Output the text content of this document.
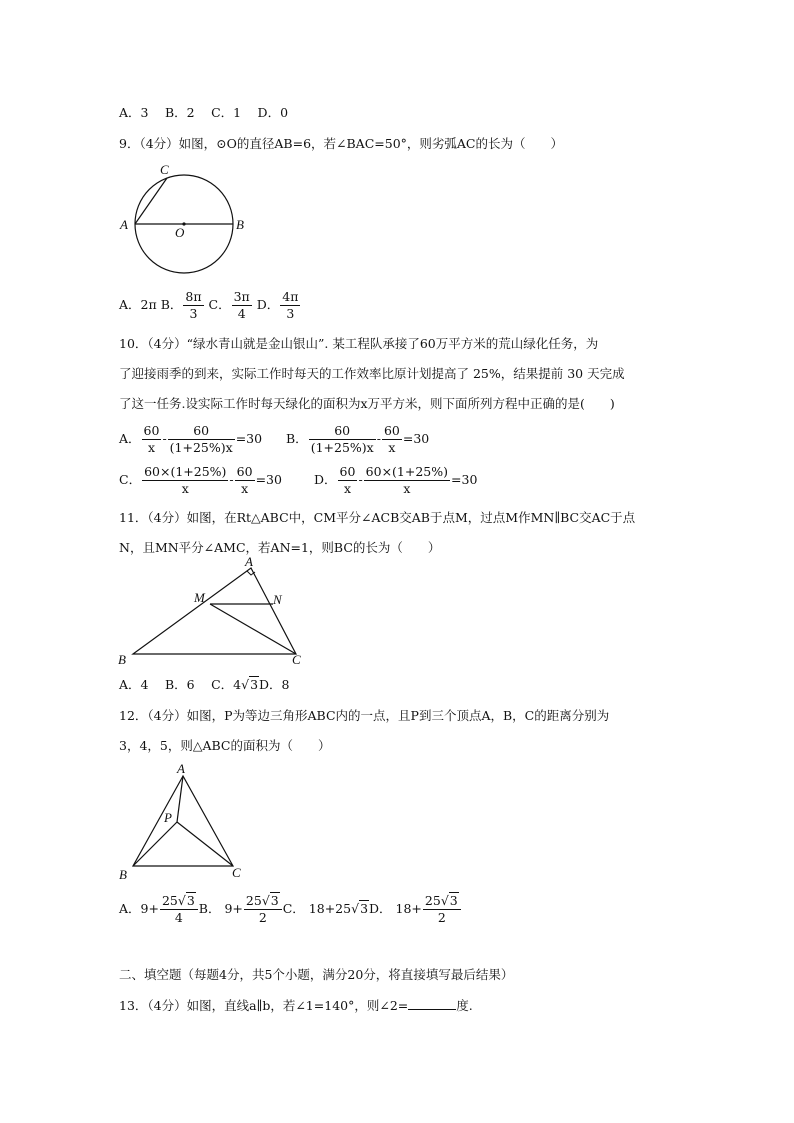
A．3　 B．2　 C．1　 D．0
9．（4分）如图，⊙O的直径AB=6，若∠BAC=50°，则劣弧AC的长为（　　）
C
A	B
O
A．2π B． $\frac{8\pi}{3}$ C． $\frac{3\pi}{4}$ D． $\frac{4\pi}{3}$
10．（4分）“绿水青山就是金山银山”. 某工程队承接了60万平方米的荒山绿化任务，为
了迎接雨季的到来，实际工作时每天的工作效率比原计划提高了 25%，结果提前 30 天完成
了这一任务.设实际工作时每天绿化的面积为x万平方米，则下面所列方程中正确的是(　　)
A． $\frac{60}{x} - \frac{60}{(1+25\%)x} =30$ B． $\frac{60}{(1+25\%)x} - \frac{60}{x} =30$
C． $\frac{60\times(1+25\%)}{x} - \frac{60}{x} =30$	D． $\frac{60}{x} - \frac{60\times(1+25\%)}{x} =30$
11．（4分）如图，在Rt△ABC中，CM平分∠ACB交AB于点M，过点M作MN∥BC交AC于点
N，且MN平分∠AMC，若AN=1，则BC的长为（　　）
A
M	N
B	C
A．4　 B．6　 C．4√3D．8
12．（4分）如图，P为等边三角形ABC内的一点，且P到三个顶点A，B，C的距离分别为
3，4，5，则△ABC的面积为（　　）
A
P
B	C
A．$9+ \frac{25√3}{4}$ B． $9+ \frac{25√3}{2}$ C． 18+25√3D． $18+ \frac{25√3}{2}$
二、填空题（每题4分，共5个小题，满分20分，将直接填写最后结果）
13．（4分）如图，直线a∥b，若∠1=140°，则∠2=	度.
